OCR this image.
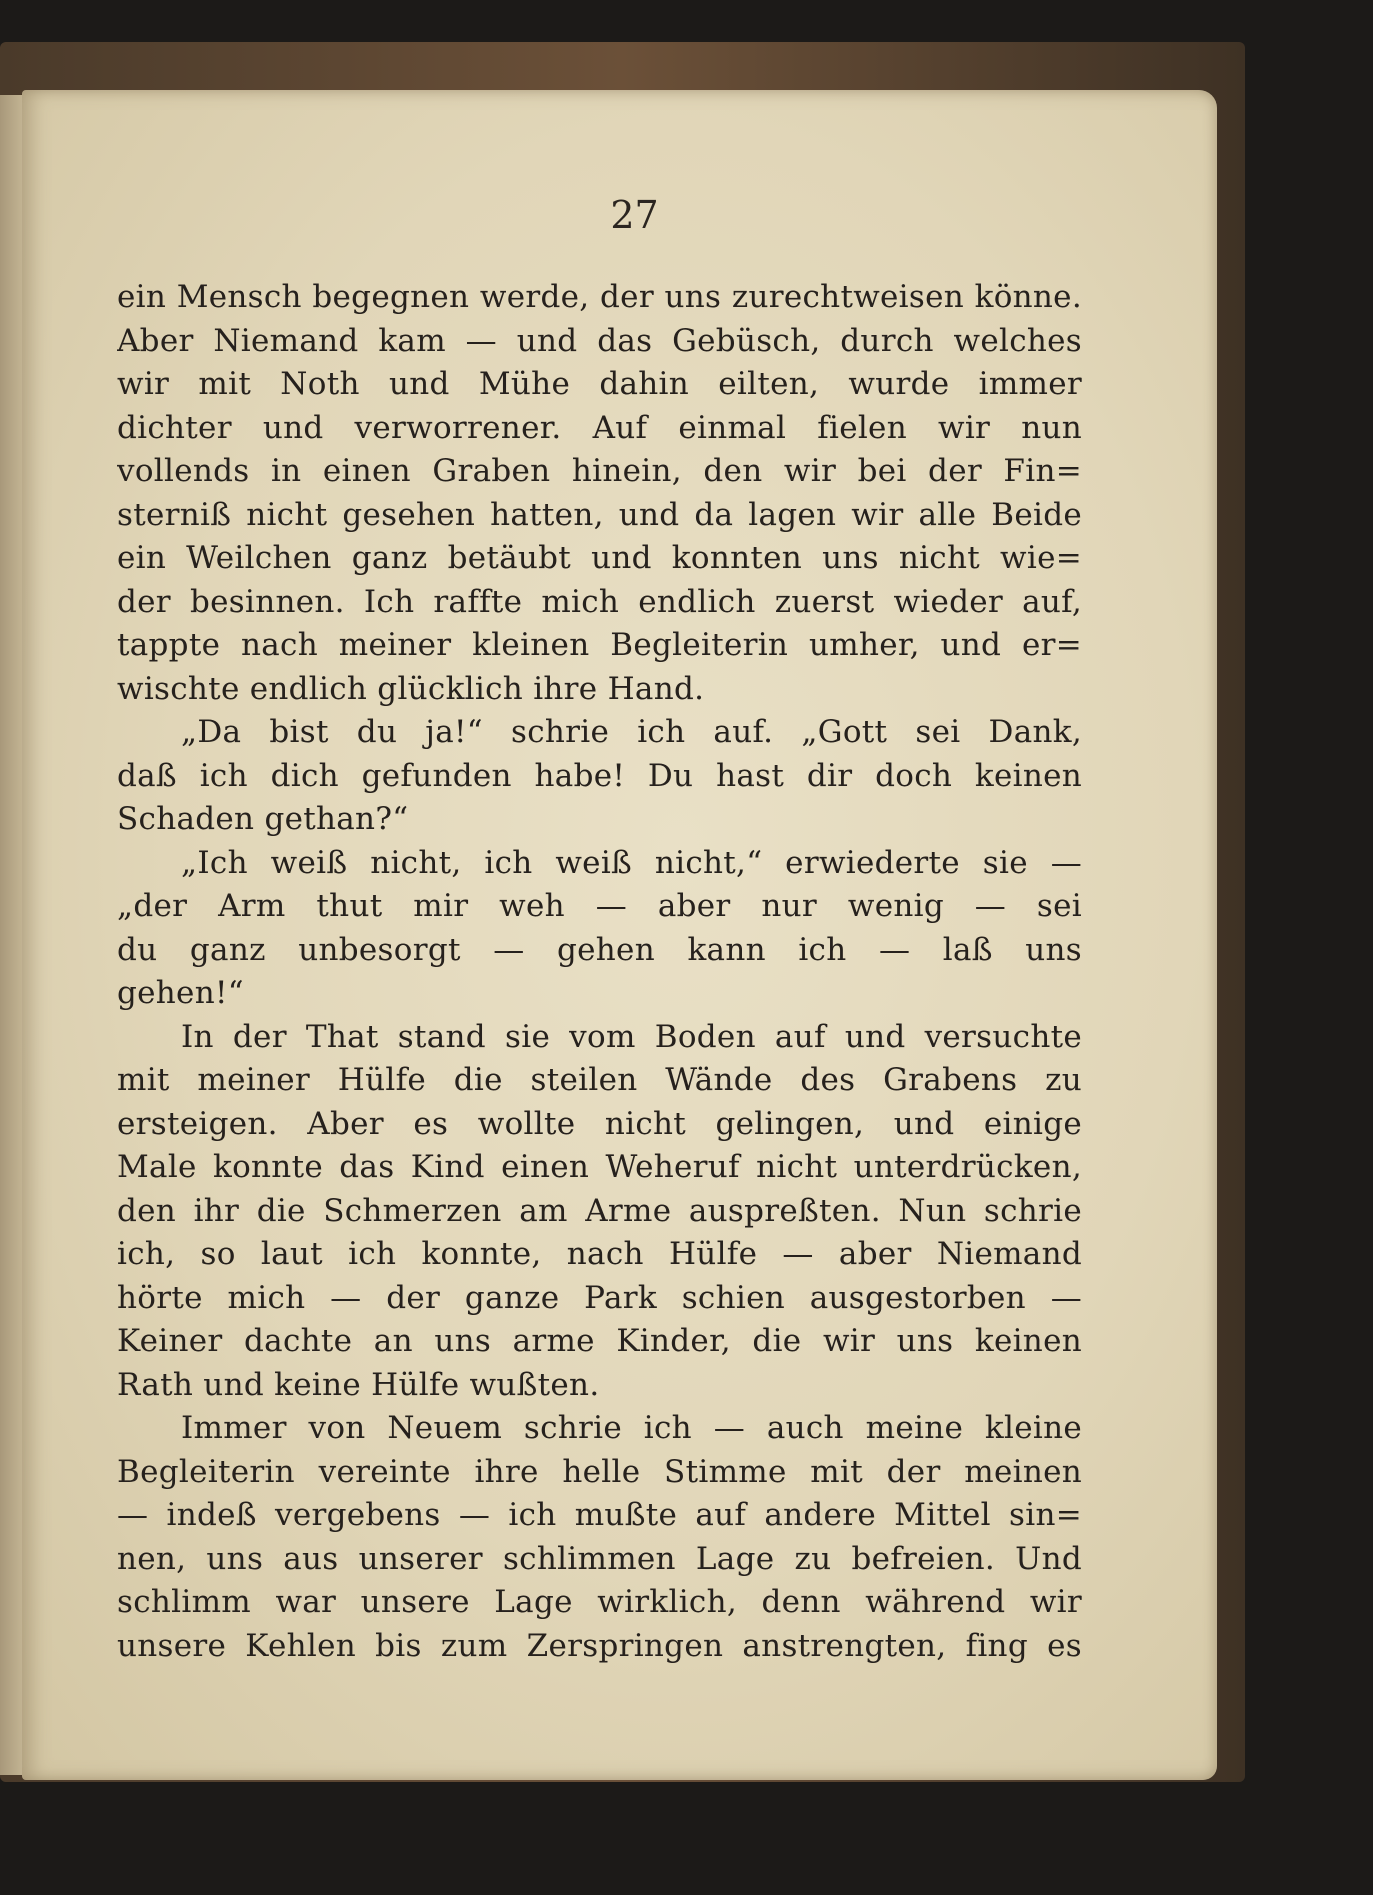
27

ein Mensch begegnen werde, der uns zurechtweisen könne.
Aber Niemand kam — und das Gebüsch, durch welches
wir mit Noth und Mühe dahin eilten, wurde immer
dichter und verworrener. Auf einmal fielen wir nun
vollends in einen Graben hinein, den wir bei der Fin=
sterniß nicht gesehen hatten, und da lagen wir alle Beide
ein Weilchen ganz betäubt und konnten uns nicht wie=
der besinnen. Ich raffte mich endlich zuerst wieder auf,
tappte nach meiner kleinen Begleiterin umher, und er=
wischte endlich glücklich ihre Hand.
„Da bist du ja!“ schrie ich auf. „Gott sei Dank,
daß ich dich gefunden habe! Du hast dir doch keinen
Schaden gethan?“
„Ich weiß nicht, ich weiß nicht,“ erwiederte sie —
„der Arm thut mir weh — aber nur wenig — sei
du ganz unbesorgt — gehen kann ich — laß uns
gehen!“
In der That stand sie vom Boden auf und versuchte
mit meiner Hülfe die steilen Wände des Grabens zu
ersteigen. Aber es wollte nicht gelingen, und einige
Male konnte das Kind einen Weheruf nicht unterdrücken,
den ihr die Schmerzen am Arme auspreßten. Nun schrie
ich, so laut ich konnte, nach Hülfe — aber Niemand
hörte mich — der ganze Park schien ausgestorben —
Keiner dachte an uns arme Kinder, die wir uns keinen
Rath und keine Hülfe wußten.
Immer von Neuem schrie ich — auch meine kleine
Begleiterin vereinte ihre helle Stimme mit der meinen
— indeß vergebens — ich mußte auf andere Mittel sin=
nen, uns aus unserer schlimmen Lage zu befreien. Und
schlimm war unsere Lage wirklich, denn während wir
unsere Kehlen bis zum Zerspringen anstrengten, fing es
